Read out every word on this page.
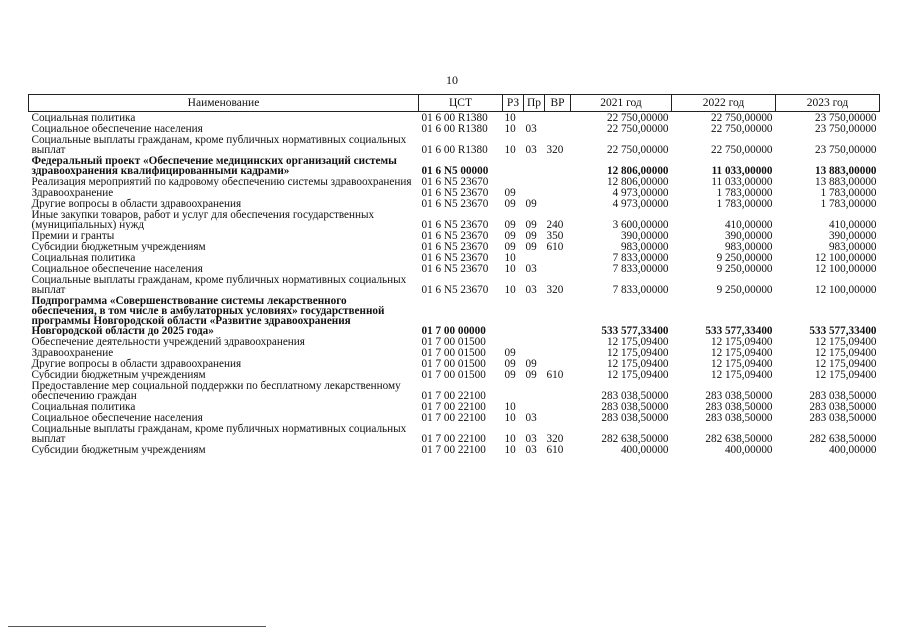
10
Наименование	ЦСТ	РЗ	Пр	ВР	2021 год	2022 год	2023 год
Социальная политика	01 6 00 R1380	10			22 750,00000	22 750,00000	23 750,00000
Социальное обеспечение населения	01 6 00 R1380	10	03		22 750,00000	22 750,00000	23 750,00000
Социальные выплаты гражданам, кроме публичных нормативных социальных выплат	01 6 00 R1380	10	03	320	22 750,00000	22 750,00000	23 750,00000
Федеральный проект «Обеспечение медицинских организаций системы здравоохранения квалифицированными кадрами»	01 6 N5 00000				12 806,00000	11 033,00000	13 883,00000
Реализация мероприятий по кадровому обеспечению системы здравоохранения	01 6 N5 23670				12 806,00000	11 033,00000	13 883,00000
Здравоохранение	01 6 N5 23670	09			4 973,00000	1 783,00000	1 783,00000
Другие вопросы в области здравоохранения	01 6 N5 23670	09	09		4 973,00000	1 783,00000	1 783,00000
Иные закупки товаров, работ и услуг для обеспечения государственных (муниципальных) нужд	01 6 N5 23670	09	09	240	3 600,00000	410,00000	410,00000
Премии и гранты	01 6 N5 23670	09	09	350	390,00000	390,00000	390,00000
Субсидии бюджетным учреждениям	01 6 N5 23670	09	09	610	983,00000	983,00000	983,00000
Социальная политика	01 6 N5 23670	10			7 833,00000	9 250,00000	12 100,00000
Социальное обеспечение населения	01 6 N5 23670	10	03		7 833,00000	9 250,00000	12 100,00000
Социальные выплаты гражданам, кроме публичных нормативных социальных выплат	01 6 N5 23670	10	03	320	7 833,00000	9 250,00000	12 100,00000
Подпрограмма «Совершенствование системы лекарственного обеспечения, в том числе в амбулаторных условиях» государственной программы Новгородской области «Развитие здравоохранения Новгородской области до 2025 года»	01 7 00 00000				533 577,33400	533 577,33400	533 577,33400
Обеспечение деятельности учреждений здравоохранения	01 7 00 01500				12 175,09400	12 175,09400	12 175,09400
Здравоохранение	01 7 00 01500	09			12 175,09400	12 175,09400	12 175,09400
Другие вопросы в области здравоохранения	01 7 00 01500	09	09		12 175,09400	12 175,09400	12 175,09400
Субсидии бюджетным учреждениям	01 7 00 01500	09	09	610	12 175,09400	12 175,09400	12 175,09400
Предоставление мер социальной поддержки по бесплатному лекарственному обеспечению граждан	01 7 00 22100				283 038,50000	283 038,50000	283 038,50000
Социальная политика	01 7 00 22100	10			283 038,50000	283 038,50000	283 038,50000
Социальное обеспечение населения	01 7 00 22100	10	03		283 038,50000	283 038,50000	283 038,50000
Социальные выплаты гражданам, кроме публичных нормативных социальных выплат	01 7 00 22100	10	03	320	282 638,50000	282 638,50000	282 638,50000
Субсидии бюджетным учреждениям	01 7 00 22100	10	03	610	400,00000	400,00000	400,00000
